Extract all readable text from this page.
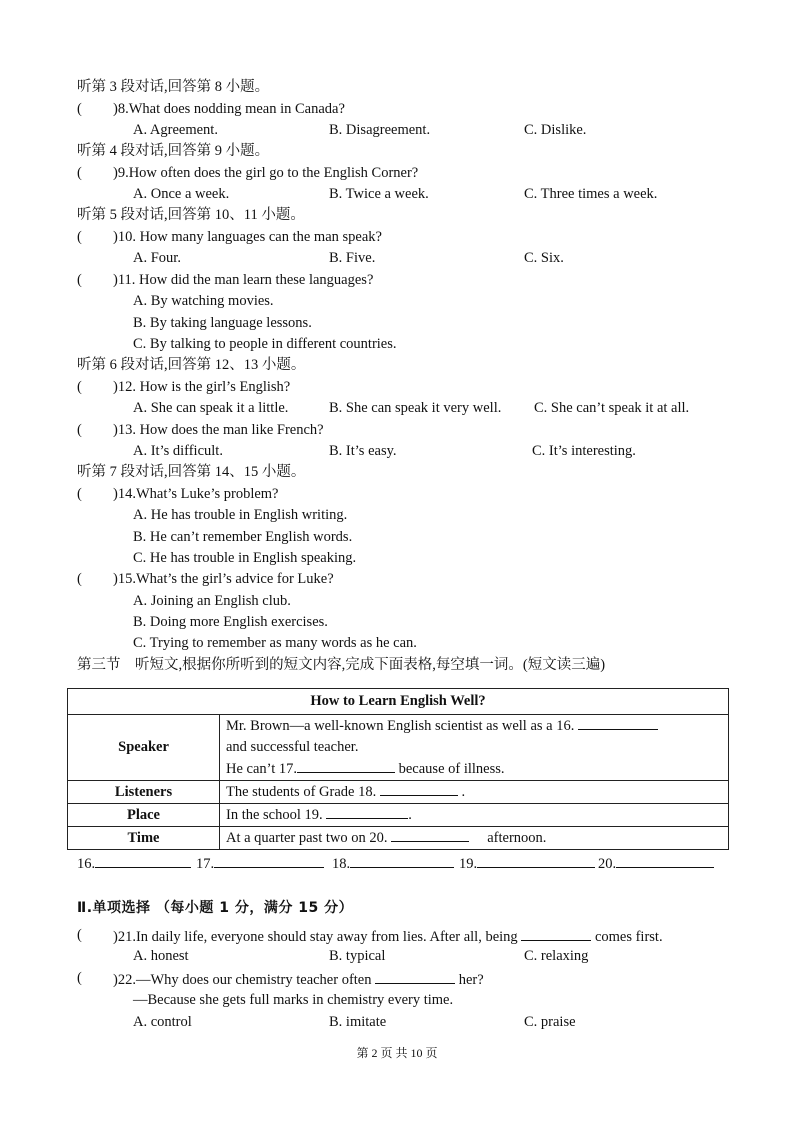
听第 3 段对话,回答第 8 小题。
( )8.What does nodding mean in Canada?
A. Agreement.	B. Disagreement.	C. Dislike.
听第 4 段对话,回答第 9 小题。
( )9.How often does the girl go to the English Corner?
A. Once a week.	B. Twice a week.	C. Three times a week.
听第 5 段对话,回答第 10、11 小题。
( )10. How many languages can the man speak?
A. Four.	B. Five.	C. Six.
( )11. How did the man learn these languages?
A. By watching movies.
B. By taking language lessons.
C. By talking to people in different countries.
听第 6 段对话,回答第 12、13 小题。
( )12. How is the girl’s English?
A. She can speak it a little.	B. She can speak it very well. C. She can’t speak it at all.
( )13. How does the man like French?
A. It’s difficult.	B. It’s easy.	C. It’s interesting.
听第 7 段对话,回答第 14、15 小题。
( )14.What’s Luke’s problem?
A. He has trouble in English writing.
B. He can’t remember English words.
C. He has trouble in English speaking.
( )15.What’s the girl’s advice for Luke?
A. Joining an English club.
B. Doing more English exercises.
C. Trying to remember as many words as he can.
第三节　听短文,根据你所听到的短文内容,完成下面表格,每空填一词。(短文读三遍)
How to Learn English Well?	
Speaker	Mr. Brown—a well-known English scientist as well as a 16.
and successful teacher.
He can’t 17. because of illness.

Listeners	The students of Grade 18. .
Place	In the school 19. .
Time	At a quarter past two on 20. afternoon.
16.	17.	18.	19.	20.
Ⅱ.单项选择 （每小题 1 分，满分 15 分）
( )21.In daily life, everyone should stay away from lies. After all, being	comes first.
A. honest	B. typical	C. relaxing
( )22.—Why does our chemistry teacher often	her?
—Because she gets full marks in chemistry every time.
A. control	B. imitate	C. praise
第 2 页 共 10 页
